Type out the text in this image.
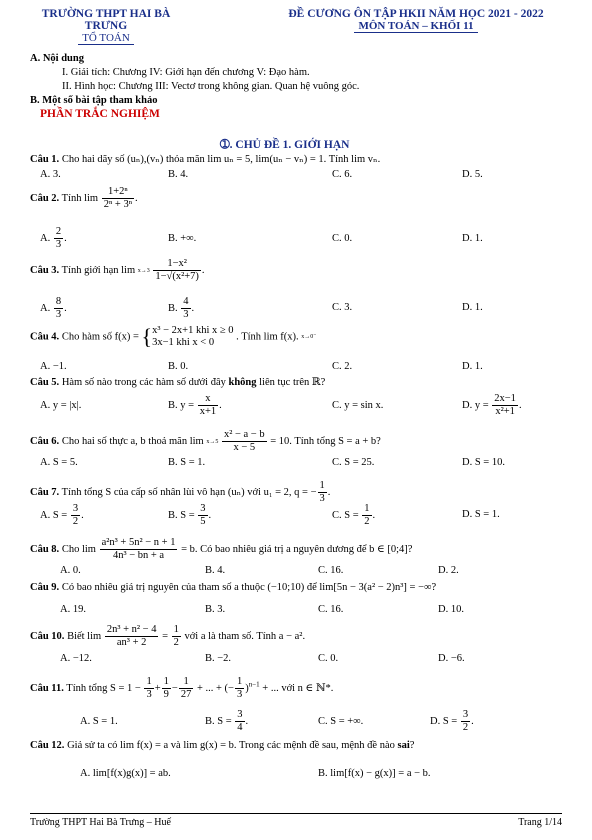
TRƯỜNG THPT HAI BÀ TRƯNG
TỔ TOÁN
ĐỀ CƯƠNG ÔN TẬP HKII NĂM HỌC 2021 - 2022
MÔN TOÁN – KHỐI 11
A. Nội dung
I. Giải tích: Chương IV: Giới hạn đến chương V: Đạo hàm.
II. Hình học: Chương III: Vectơ trong không gian. Quan hệ vuông góc.
B. Một số bài tập tham khảo
PHẦN TRẮC NGHIỆM
➀. CHỦ ĐỀ 1. GIỚI HẠN
Câu 1. Cho hai dãy số (uₙ),(vₙ) thỏa mãn lim uₙ = 5, lim(uₙ − vₙ) = 1. Tính lim vₙ.
A. 3.	B. 4.	C. 6.	D. 5.
Câu 2. Tính $\lim \frac{\text{1+2ⁿ}}{\text{2ⁿ + 3ⁿ}}$ .
A. $\frac{2}{3}$ .	B. +∞.	C. 0.	D. 1.
Câu 3. Tính giới hạn lim x→3
$\frac{\text{1−x²}}{\text{1−√(x²+7)}}$ .
A. $\frac{8}{3}$ .	B. $\frac{4}{3}$ .	C. 3.	D. 1.
Câu 4. Cho hàm số f(x) = { x³ − 2x+1 khi x ≥ 0
3x−1 khi x < 0
. Tính lim f(x). x→0⁻
A. −1.	B. 0.	C. 2.	D. 1.
Câu 5. Hàm số nào trong các hàm số dưới đây không liên tục trên ℝ?
A. y = |x|.	B. $y = \frac{x}{x+1}$ .	C. y = sin x.	D. $y = \frac{2x-1}{\text{x²+1}}$ .
Câu 6. Cho hai số thực a, b thoả mãn lim x→5
$\frac{\text{x² − a − b}}{x - 5} = 10$. Tính tổng S = a + b?
A. S = 5.	B. S = 1.	C. S = 25.	D. S = 10.
Câu 7. Tính tổng S của cấp số nhân lùi vô hạn (uₙ) với u₁ = 2, q = − $\frac{1}{3}$ .
A. $S = \frac{3}{2}$ .	B. $S = \frac{3}{5}$ .	C. $S = \frac{1}{2}$ .	D. S = 1.
Câu 8. Cho $\lim \frac{\text{a²n³ + 5n² − n + 1}}{\text{4n³ − bn + a}} = b$. Có bao nhiêu giá trị a nguyên dương để b ∈ [0;4]?
A. 0.	B. 4.	C. 16.	D. 2.
Câu 9. Có bao nhiêu giá trị nguyên của tham số a thuộc (−10;10) để lim[5n − 3(a² − 2)n³] = −∞?
A. 19.	B. 3.	C. 16.	D. 10.
Câu 10. Biết $\lim \frac{\text{2n³ + n² − 4}}{\text{an³ + 2}} = \frac{1}{2}$ với a là tham số. Tính a − a².
A. −12.	B. −2.	C. 0.	D. −6.
Câu 11. Tính tổng $S = 1 - \frac{1}{3} + \frac{1}{9} - \frac{1}{27}$ + ... + (− $\frac{1}{3} )^{n-1}$ + ... với n ∈ ℕ*.
A. S = 1.	B. $S = \frac{3}{4}$ .	C. S = +∞.	D. $S = \frac{3}{2}$ .
Câu 12. Giả sử ta có lim f(x) = a và lim g(x) = b. Trong các mệnh đề sau, mệnh đề nào sai?
A. lim[f(x)g(x)] = ab.	B. lim[f(x) − g(x)] = a − b.
Trường THPT Hai Bà Trưng – Huế	Trang 1/14
